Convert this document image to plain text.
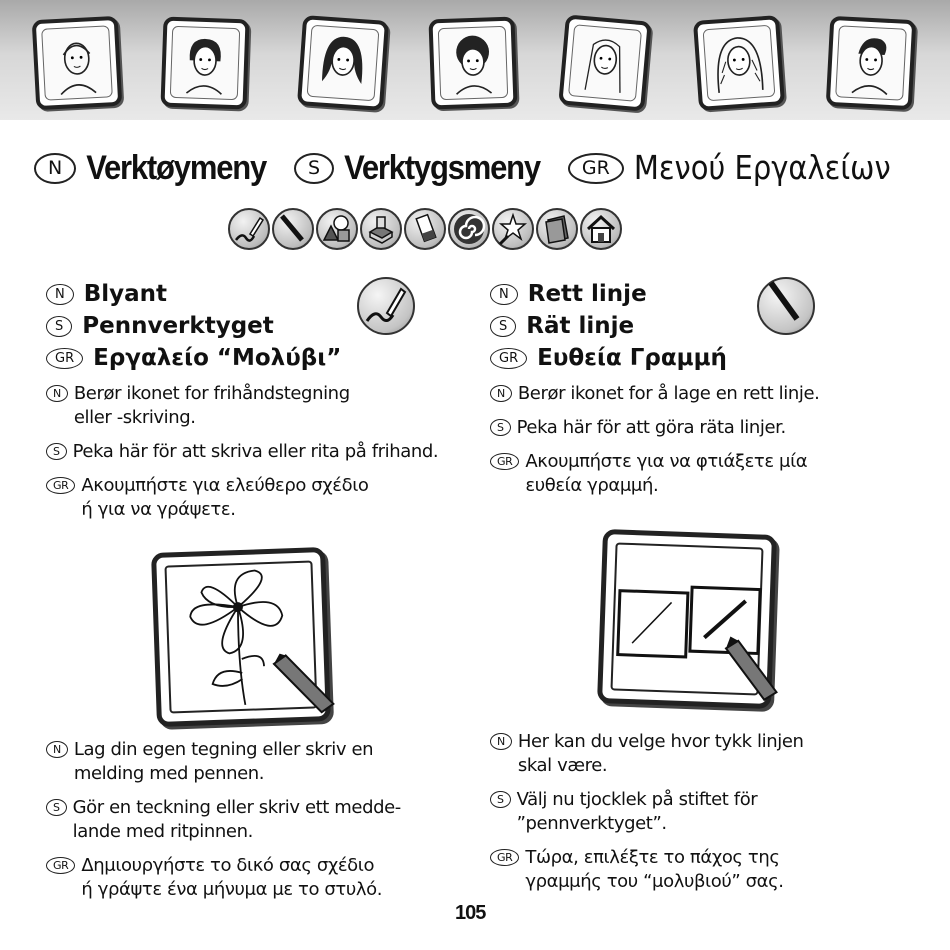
N Verktøymeny	S Verktygsmeny	GR Μενού Εργαλείων
N Blyant
S Pennverktyget
GR Εργαλείο “Μολύβι”
N Berør ikonet for frihåndstegning
eller -skriving.
S Peka här för att skriva eller rita på frihand.
GR Ακουμπήστε για ελεύθερο σχέδιο
ή για να γράψετε.
N Lag din egen tegning eller skriv en
melding med pennen.
S Gör en teckning eller skriv ett medde-
lande med ritpinnen.
GR Δημιουργήστε το δικό σας σχέδιο
ή γράψτε ένα μήνυμα με το στυλό.
N Rett linje
S Rät linje
GR Ευθεία Γραμμή
N Berør ikonet for å lage en rett linje.
S Peka här för att göra räta linjer.
GR Ακουμπήστε για να φτιάξετε μία
ευθεία γραμμή.
N Her kan du velge hvor tykk linjen
skal være.
S Välj nu tjocklek på stiftet för
”pennverktyget”.
GR Τώρα, επιλέξτε το πάχος της
γραμμής του “μολυβιού” σας.
105
